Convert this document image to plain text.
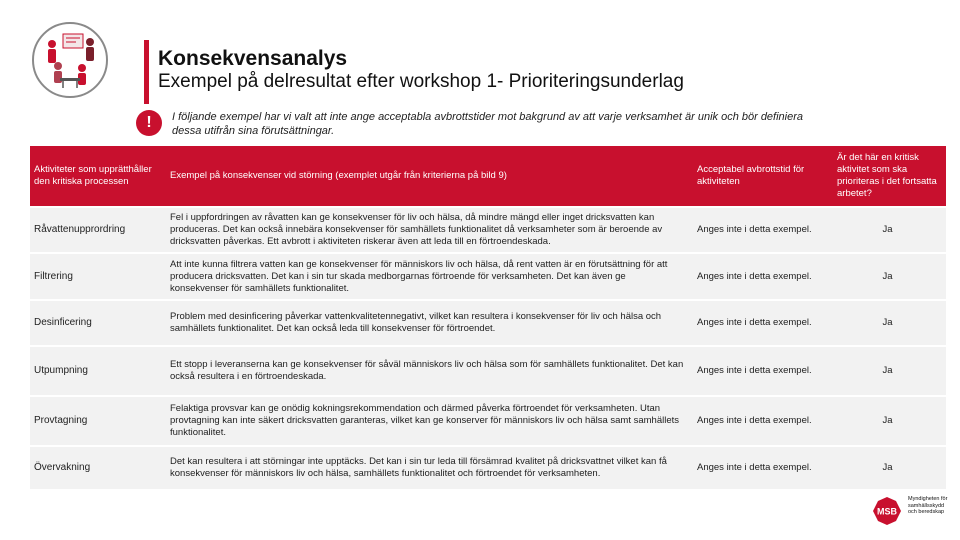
Konsekvensanalys
Exempel på delresultat efter workshop 1- Prioriteringsunderlag
!	I följande exempel har vi valt att inte ange acceptabla avbrottstider mot bakgrund av att varje verksamhet är unik och bör definiera dessa utifrån sina förutsättningar.
Aktiviteter som upprätthåller den kritiska processen	Exempel på konsekvenser vid störning (exemplet utgår från kriterierna på bild 9)	Acceptabel avbrottstid för aktiviteten	Är det här en kritisk aktivitet som ska prioriteras i det fortsatta arbetet?
Råvattenupprordring	Fel i uppfordringen av råvatten kan ge konsekvenser för liv och hälsa, då mindre mängd eller inget dricksvatten kan produceras. Det kan också innebära konsekvenser för samhällets funktionalitet då verksamheter som är beroende av dricksvatten påverkas. Ett avbrott i aktiviteten riskerar även att leda till en förtroendeskada.	Anges inte i detta exempel.	Ja
Filtrering	Att inte kunna filtrera vatten kan ge konsekvenser för människors liv och hälsa, då rent vatten är en förutsättning för att producera dricksvatten. Det kan i sin tur skada medborgarnas förtroende för verksamheten. Det kan även ge konsekvenser för samhällets funktionalitet.	Anges inte i detta exempel.	Ja
Desinficering	Problem med desinficering påverkar vattenkvalitetennegativt, vilket kan resultera i konsekvenser för liv och hälsa och samhällets funktionalitet. Det kan också leda till konsekvenser för förtroendet.	Anges inte i detta exempel.	Ja
Utpumpning	Ett stopp i leveranserna kan ge konsekvenser för såväl människors liv och hälsa som för samhällets funktionalitet. Det kan också resultera i en förtroendeskada.	Anges inte i detta exempel.	Ja
Provtagning	Felaktiga provsvar kan ge onödig kokningsrekommendation och därmed påverka förtroendet för verksamheten. Utan provtagning kan inte säkert dricksvatten garanteras, vilket kan ge konserver för människors liv och hälsa samt samhällets funktionalitet.	Anges inte i detta exempel.	Ja
Övervakning	Det kan resultera i att störningar inte upptäcks. Det kan i sin tur leda till försämrad kvalitet på dricksvattnet vilket kan få konsekvenser för människors liv och hälsa, samhällets funktionalitet och förtroendet för verksamheten.	Anges inte i detta exempel.	Ja
MSB
Myndigheten för
samhällsskydd
och beredskap
